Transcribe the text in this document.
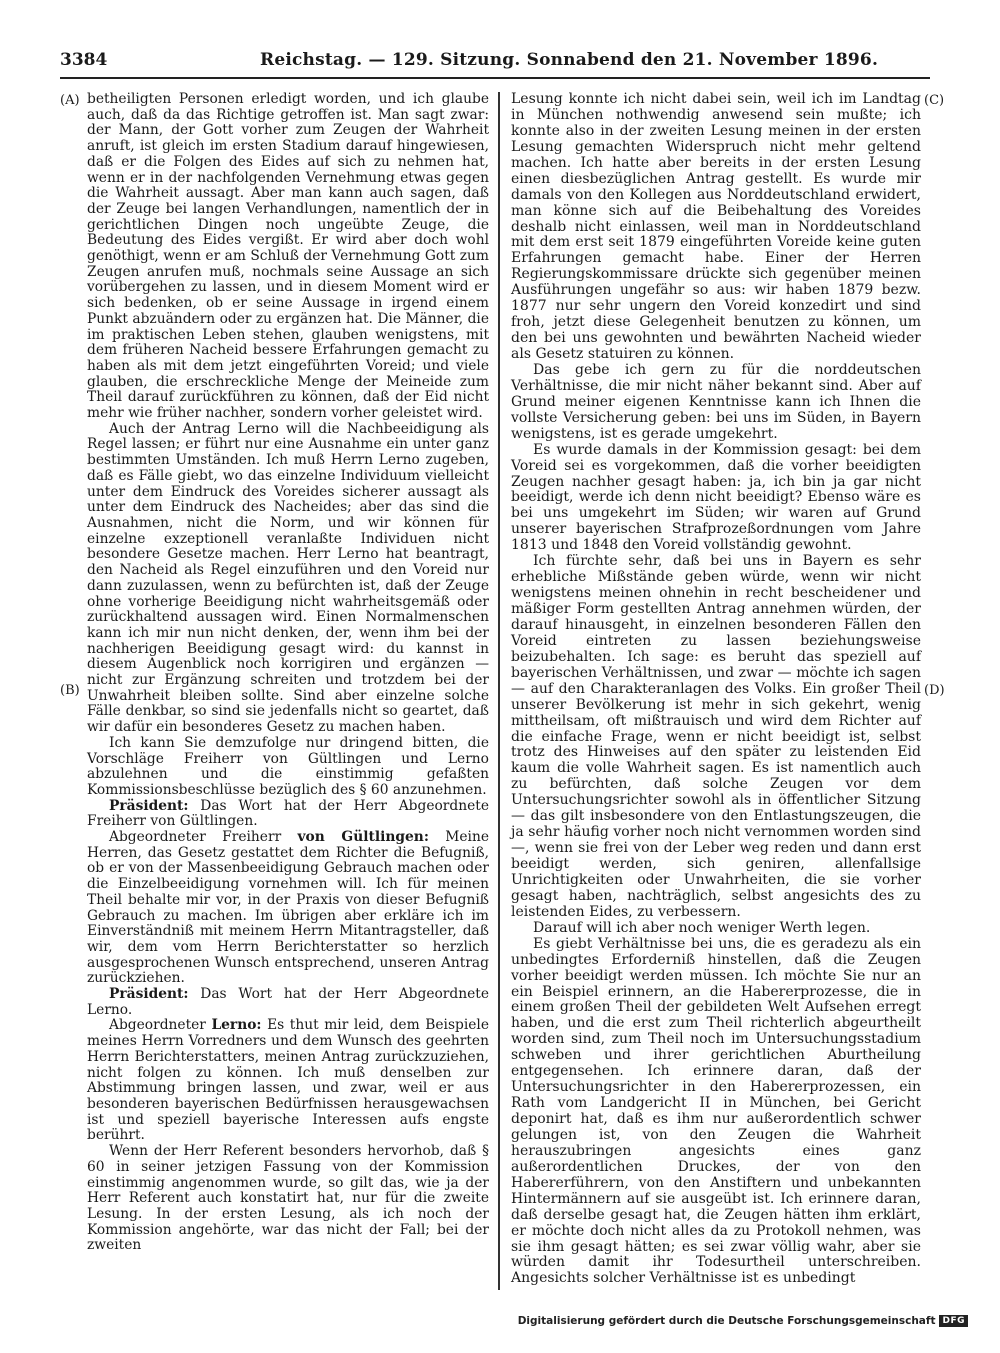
3384	Reichstag. — 129. Sitzung. Sonnabend den 21. November 1896.
(A)
(B)
(C)
(D)

betheiligten Personen erledigt worden, und ich glaube auch, daß da das Richtige getroffen ist. Man sagt zwar: der Mann, der Gott vorher zum Zeugen der Wahrheit anruft, ist gleich im ersten Stadium darauf hingewiesen, daß er die Folgen des Eides auf sich zu nehmen hat, wenn er in der nachfolgenden Vernehmung etwas gegen die Wahrheit aussagt. Aber man kann auch sagen, daß der Zeuge bei langen Verhandlungen, namentlich der in gerichtlichen Dingen noch ungeübte Zeuge, die Bedeutung des Eides vergißt. Er wird aber doch wohl genöthigt, wenn er am Schluß der Vernehmung Gott zum Zeugen anrufen muß, nochmals seine Aussage an sich vorübergehen zu lassen, und in diesem Moment wird er sich bedenken, ob er seine Aussage in irgend einem Punkt abzuändern oder zu ergänzen hat. Die Männer, die im praktischen Leben stehen, glauben wenigstens, mit dem früheren Nacheid bessere Erfahrungen gemacht zu haben als mit dem jetzt eingeführten Voreid; und viele glauben, die erschreckliche Menge der Meineide zum Theil darauf zurückführen zu können, daß der Eid nicht mehr wie früher nachher, sondern vorher geleistet wird.

Auch der Antrag Lerno will die Nachbeeidigung als Regel lassen; er führt nur eine Ausnahme ein unter ganz bestimmten Umständen. Ich muß Herrn Lerno zugeben, daß es Fälle giebt, wo das einzelne Individuum vielleicht unter dem Eindruck des Voreides sicherer aussagt als unter dem Eindruck des Nacheides; aber das sind die Ausnahmen, nicht die Norm, und wir können für einzelne exzeptionell veranlaßte Individuen nicht besondere Gesetze machen. Herr Lerno hat beantragt, den Nacheid als Regel einzuführen und den Voreid nur dann zuzulassen, wenn zu befürchten ist, daß der Zeuge ohne vorherige Beeidigung nicht wahrheitsgemäß oder zurückhaltend aussagen wird. Einen Normalmenschen kann ich mir nun nicht denken, der, wenn ihm bei der nachherigen Beeidigung gesagt wird: du kannst in diesem Augenblick noch korrigiren und ergänzen — nicht zur Ergänzung schreiten und trotzdem bei der Unwahrheit bleiben sollte. Sind aber einzelne solche Fälle denkbar, so sind sie jedenfalls nicht so geartet, daß wir dafür ein besonderes Gesetz zu machen haben.

Ich kann Sie demzufolge nur dringend bitten, die Vorschläge Freiherr von Gültlingen und Lerno abzulehnen und die einstimmig gefaßten Kommissionsbeschlüsse bezüglich des § 60 anzunehmen.

Präsident: Das Wort hat der Herr Abgeordnete Freiherr von Gültlingen.

Abgeordneter Freiherr von Gültlingen: Meine Herren, das Gesetz gestattet dem Richter die Befugniß, ob er von der Massenbeeidigung Gebrauch machen oder die Einzelbeeidigung vornehmen will. Ich für meinen Theil behalte mir vor, in der Praxis von dieser Befugniß Gebrauch zu machen. Im übrigen aber erkläre ich im Einverständniß mit meinem Herrn Mitantragsteller, daß wir, dem vom Herrn Berichterstatter so herzlich ausgesprochenen Wunsch entsprechend, unseren Antrag zurückziehen.

Präsident: Das Wort hat der Herr Abgeordnete Lerno.

Abgeordneter Lerno: Es thut mir leid, dem Beispiele meines Herrn Vorredners und dem Wunsch des geehrten Herrn Berichterstatters, meinen Antrag zurückzuziehen, nicht folgen zu können. Ich muß denselben zur Abstimmung bringen lassen, und zwar, weil er aus besonderen bayerischen Bedürfnissen herausgewachsen ist und speziell bayerische Interessen aufs engste berührt.

Wenn der Herr Referent besonders hervorhob, daß § 60 in seiner jetzigen Fassung von der Kommission einstimmig angenommen wurde, so gilt das, wie ja der Herr Referent auch konstatirt hat, nur für die zweite Lesung. In der ersten Lesung, als ich noch der Kommission angehörte, war das nicht der Fall; bei der zweiten

Lesung konnte ich nicht dabei sein, weil ich im Landtag in München nothwendig anwesend sein mußte; ich konnte also in der zweiten Lesung meinen in der ersten Lesung gemachten Widerspruch nicht mehr geltend machen. Ich hatte aber bereits in der ersten Lesung einen diesbezüglichen Antrag gestellt. Es wurde mir damals von den Kollegen aus Norddeutschland erwidert, man könne sich auf die Beibehaltung des Voreides deshalb nicht einlassen, weil man in Norddeutschland mit dem erst seit 1879 eingeführten Voreide keine guten Erfahrungen gemacht habe. Einer der Herren Regierungskommissare drückte sich gegenüber meinen Ausführungen ungefähr so aus: wir haben 1879 bezw. 1877 nur sehr ungern den Voreid konzedirt und sind froh, jetzt diese Gelegenheit benutzen zu können, um den bei uns gewohnten und bewährten Nacheid wieder als Gesetz statuiren zu können.

Das gebe ich gern zu für die norddeutschen Verhältnisse, die mir nicht näher bekannt sind. Aber auf Grund meiner eigenen Kenntnisse kann ich Ihnen die vollste Versicherung geben: bei uns im Süden, in Bayern wenigstens, ist es gerade umgekehrt.

Es wurde damals in der Kommission gesagt: bei dem Voreid sei es vorgekommen, daß die vorher beeidigten Zeugen nachher gesagt haben: ja, ich bin ja gar nicht beeidigt, werde ich denn nicht beeidigt? Ebenso wäre es bei uns umgekehrt im Süden; wir waren auf Grund unserer bayerischen Strafprozeßordnungen vom Jahre 1813 und 1848 den Voreid vollständig gewohnt.

Ich fürchte sehr, daß bei uns in Bayern es sehr erhebliche Mißstände geben würde, wenn wir nicht wenigstens meinen ohnehin in recht bescheidener und mäßiger Form gestellten Antrag annehmen würden, der darauf hinausgeht, in einzelnen besonderen Fällen den Voreid eintreten zu lassen beziehungsweise beizubehalten. Ich sage: es beruht das speziell auf bayerischen Verhältnissen, und zwar — möchte ich sagen — auf den Charakteranlagen des Volks. Ein großer Theil unserer Bevölkerung ist mehr in sich gekehrt, wenig mittheilsam, oft mißtrauisch und wird dem Richter auf die einfache Frage, wenn er nicht beeidigt ist, selbst trotz des Hinweises auf den später zu leistenden Eid kaum die volle Wahrheit sagen. Es ist namentlich auch zu befürchten, daß solche Zeugen vor dem Untersuchungsrichter sowohl als in öffentlicher Sitzung — das gilt insbesondere von den Entlastungszeugen, die ja sehr häufig vorher noch nicht vernommen worden sind —, wenn sie frei von der Leber weg reden und dann erst beeidigt werden, sich geniren, allenfallsige Unrichtigkeiten oder Unwahrheiten, die sie vorher gesagt haben, nachträglich, selbst angesichts des zu leistenden Eides, zu verbessern.

Darauf will ich aber noch weniger Werth legen.

Es giebt Verhältnisse bei uns, die es geradezu als ein unbedingtes Erforderniß hinstellen, daß die Zeugen vorher beeidigt werden müssen. Ich möchte Sie nur an ein Beispiel erinnern, an die Habererprozesse, die in einem großen Theil der gebildeten Welt Aufsehen erregt haben, und die erst zum Theil richterlich abgeurtheilt worden sind, zum Theil noch im Untersuchungsstadium schweben und ihrer gerichtlichen Aburtheilung entgegensehen. Ich erinnere daran, daß der Untersuchungsrichter in den Habererprozessen, ein Rath vom Landgericht II in München, bei Gericht deponirt hat, daß es ihm nur außerordentlich schwer gelungen ist, von den Zeugen die Wahrheit herauszubringen angesichts eines ganz außerordentlichen Druckes, der von den Habererführern, von den Anstiftern und unbekannten Hintermännern auf sie ausgeübt ist. Ich erinnere daran, daß derselbe gesagt hat, die Zeugen hätten ihm erklärt, er möchte doch nicht alles da zu Protokoll nehmen, was sie ihm gesagt hätten; es sei zwar völlig wahr, aber sie würden damit ihr Todesurtheil unterschreiben. Angesichts solcher Verhältnisse ist es unbedingt

Digitalisierung gefördert durch die Deutsche Forschungsgemeinschaft DFG
